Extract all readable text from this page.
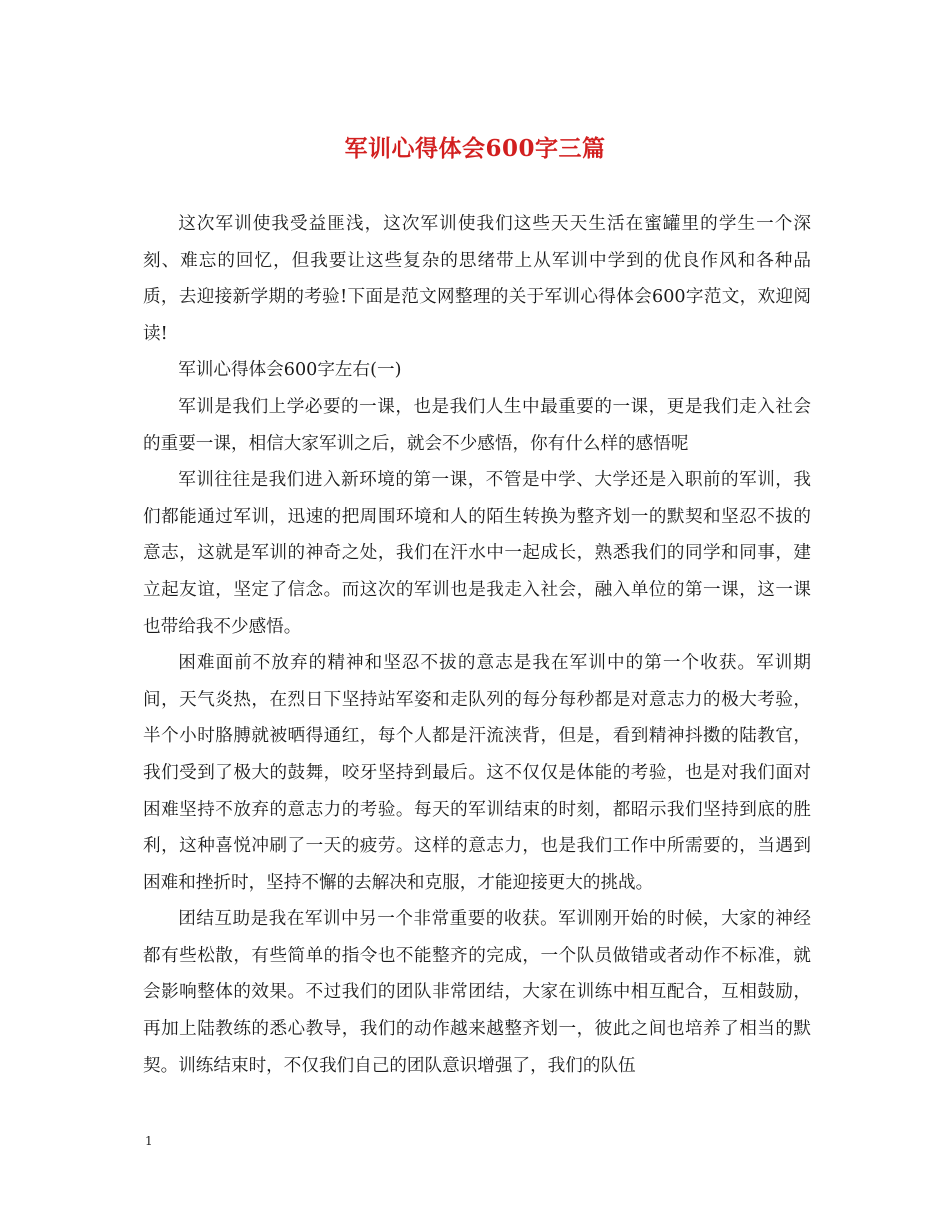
军训心得体会600字三篇

这次军训使我受益匪浅，这次军训使我们这些天天生活在蜜罐里的学生一个深刻、难忘的回忆，但我要让这些复杂的思绪带上从军训中学到的优良作风和各种品质，去迎接新学期的考验!下面是范文网整理的关于军训心得体会600字范文，欢迎阅读!

军训心得体会600字左右(一)

军训是我们上学必要的一课，也是我们人生中最重要的一课，更是我们走入社会的重要一课，相信大家军训之后，就会不少感悟，你有什么样的感悟呢

军训往往是我们进入新环境的第一课，不管是中学、大学还是入职前的军训，我们都能通过军训，迅速的把周围环境和人的陌生转换为整齐划一的默契和坚忍不拔的意志，这就是军训的神奇之处，我们在汗水中一起成长，熟悉我们的同学和同事，建立起友谊，坚定了信念。而这次的军训也是我走入社会，融入单位的第一课，这一课也带给我不少感悟。

困难面前不放弃的精神和坚忍不拔的意志是我在军训中的第一个收获。军训期间，天气炎热，在烈日下坚持站军姿和走队列的每分每秒都是对意志力的极大考验，半个小时胳膊就被晒得通红，每个人都是汗流浃背，但是，看到精神抖擞的陆教官，我们受到了极大的鼓舞，咬牙坚持到最后。这不仅仅是体能的考验，也是对我们面对困难坚持不放弃的意志力的考验。每天的军训结束的时刻，都昭示我们坚持到底的胜利，这种喜悦冲刷了一天的疲劳。这样的意志力，也是我们工作中所需要的，当遇到困难和挫折时，坚持不懈的去解决和克服，才能迎接更大的挑战。

团结互助是我在军训中另一个非常重要的收获。军训刚开始的时候，大家的神经都有些松散，有些简单的指令也不能整齐的完成，一个队员做错或者动作不标准，就会影响整体的效果。不过我们的团队非常团结，大家在训练中相互配合，互相鼓励，再加上陆教练的悉心教导，我们的动作越来越整齐划一，彼此之间也培养了相当的默契。训练结束时，不仅我们自己的团队意识增强了，我们的队伍

1
